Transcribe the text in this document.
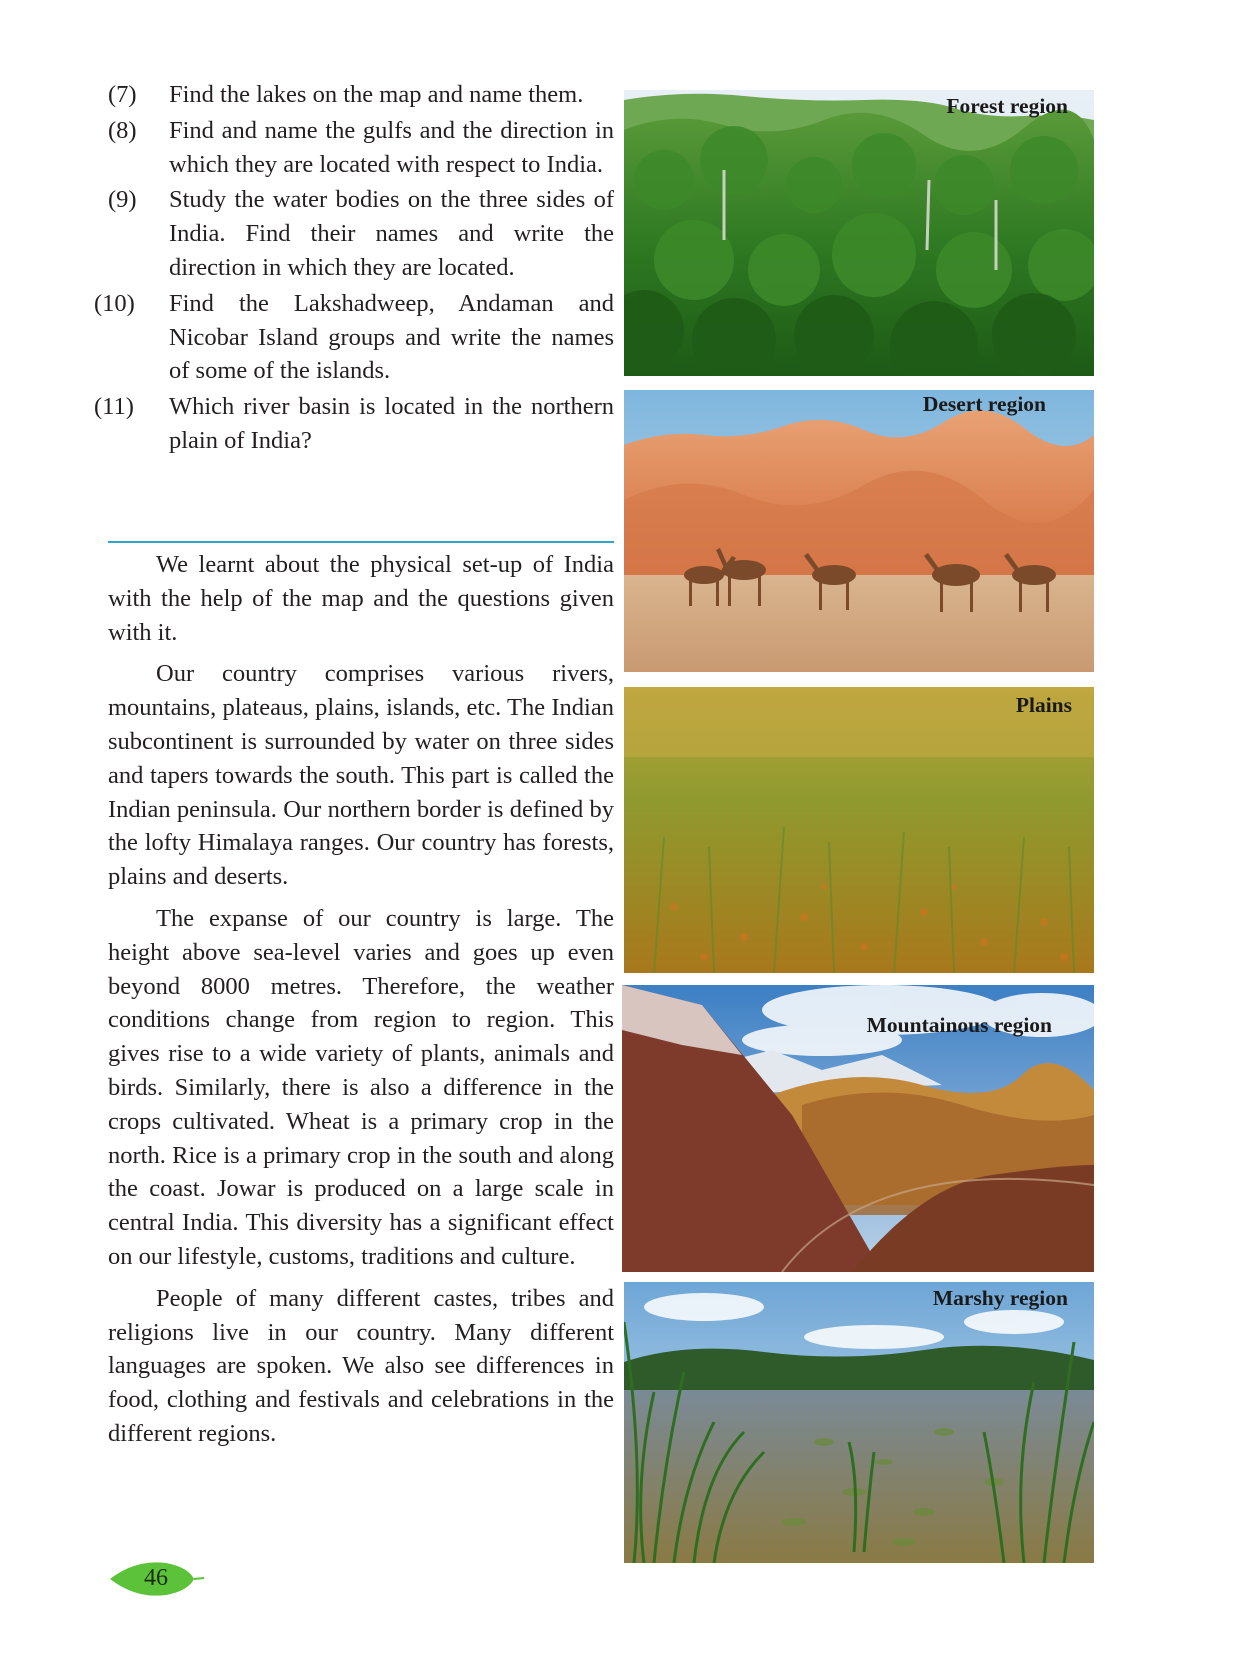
(7)	Find the lakes on the map and name them.
(8)	Find and name the gulfs and the direction in which they are located with respect to India.
(9)	Study the water bodies on the three sides of India. Find their names and write the direction in which they are located.
(10)	Find the Lakshadweep, Andaman and Nicobar Island groups and write the names of some of the islands.
(11)	Which river basin is located in the northern plain of India?

We learnt about the physical set-up of India with the help of the map and the questions given with it.

Our country comprises various rivers, mountains, plateaus, plains, islands, etc. The Indian subcontinent is surrounded by water on three sides and tapers towards the south. This part is called the Indian peninsula. Our northern border is defined by the lofty Himalaya ranges. Our country has forests, plains and deserts.

The expanse of our country is large. The height above sea-level varies and goes up even beyond 8000 metres. Therefore, the weather conditions change from region to region. This gives rise to a wide variety of plants, animals and birds. Similarly, there is also a difference in the crops cultivated. Wheat is a primary crop in the north. Rice is a primary crop in the south and along the coast. Jowar is produced on a large scale in central India. This diversity has a significant effect on our lifestyle, customs, traditions and culture.

People of many different castes, tribes and religions live in our country. Many different languages are spoken. We also see differences in food, clothing and festivals and celebrations in the different regions.

Forest region
Desert region
Plains
Mountainous region
Marshy region
46
